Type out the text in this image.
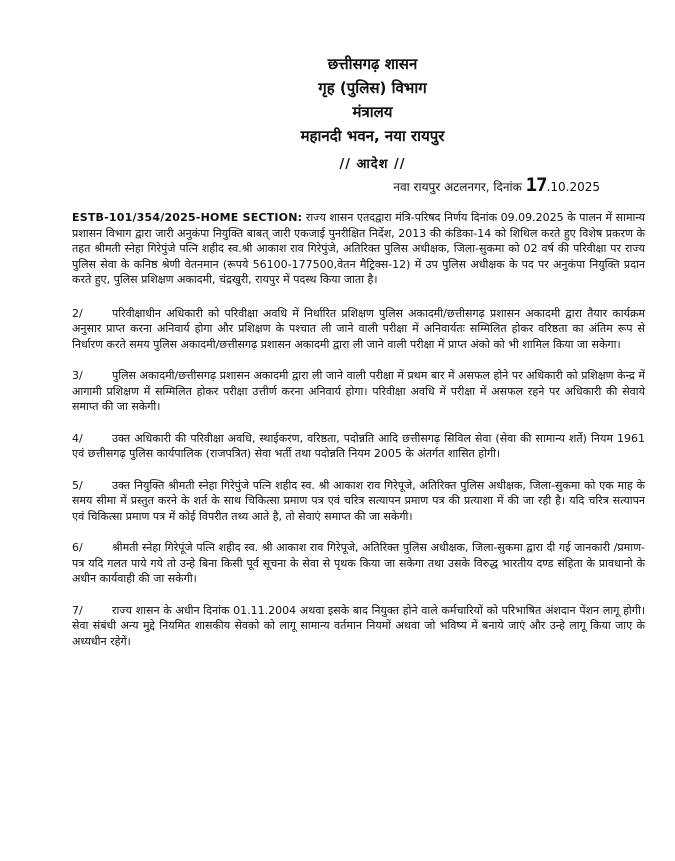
छत्तीसगढ़ शासन
गृह (पुलिस) विभाग
मंत्रालय
महानदी भवन, नया रायपुर
// आदेश //
नवा रायपुर अटलनगर, दिनांक 17.10.2025

ESTB-101/354/2025-HOME SECTION: राज्य शासन एतदद्वारा मंत्रि-परिषद निर्णय दिनांक 09.09.2025 के पालन में सामान्य प्रशासन विभाग द्वारा जारी अनुकंपा नियुक्ति बाबत् जारी एकजाई पुनरीक्षित निर्देश, 2013 की कंडिका-14 को शिथिल करते हुए विशेष प्रकरण के तहत श्रीमती स्नेहा गिरेपुंजे पत्नि शहीद स्व.श्री आकाश राव गिरेपुंजे, अतिरिक्त पुलिस अधीक्षक, जिला-सुकमा को 02 वर्ष की परिवीक्षा पर राज्य पुलिस सेवा के कनिष्ठ श्रेणी वेतनमान (रूपये 56100-177500,वेतन मैट्रिक्स-12) में उप पुलिस अधीक्षक के पद पर अनुकंपा नियुक्ति प्रदान करते हुए, पुलिस प्रशिक्षण अकादमी, चंद्रखुरी, रायपुर में पदस्थ किया जाता है।

2/	परिवीक्षाधीन अधिकारी को परिवीक्षा अवधि में निर्धारित प्रशिक्षण पुलिस अकादमी/छत्तीसगढ़ प्रशासन अकादमी द्वारा तैयार कार्यक्रम अनुसार प्राप्त करना अनिवार्य होगा और प्रशिक्षण के पश्चात ली जाने वाली परीक्षा में अनिवार्यतः सम्मिलित होकर वरिष्ठता का अंतिम रूप से निर्धारण करते समय पुलिस अकादमी/छत्तीसगढ़ प्रशासन अकादमी द्वारा ली जाने वाली परीक्षा में प्राप्त अंको को भी शामिल किया जा सकेगा।

3/	पुलिस अकादमी/छत्तीसगढ़ प्रशासन अकादमी द्वारा ली जाने वाली परीक्षा में प्रथम बार में असफल होने पर अधिकारी को प्रशिक्षण केन्द्र में आगामी प्रशिक्षण में सम्मिलित होकर परीक्षा उत्तीर्ण करना अनिवार्य होगा। परिवीक्षा अवधि में परीक्षा में असफल रहने पर अधिकारी की सेवाये समाप्त की जा सकेगी।

4/	उक्त अधिकारी की परिवीक्षा अवधि, स्थाईकरण, वरिष्ठता, पदोन्नति आदि छत्तीसगढ़ सिविल सेवा (सेवा की सामान्य शर्ते) नियम 1961 एवं छत्तीसगढ़ पुलिस कार्यपालिक (राजपत्रित) सेवा भर्ती तथा पदोन्नति नियम 2005 के अंतर्गत शासित होगी।

5/	उक्त नियुक्ति श्रीमती स्नेहा गिरेपुंजे पत्नि शहीद स्व. श्री आकाश राव गिरेपूजे, अतिरिक्त पुलिस अधीक्षक, जिला-सुकमा को एक माह के समय सीमा में प्रस्तुत करने के शर्त के साथ चिकित्सा प्रमाण पत्र एवं चरित्र सत्यापन प्रमाण पत्र की प्रत्याशा में की जा रही है। यदि चरित्र सत्यापन एवं चिकित्सा प्रमाण पत्र में कोई विपरीत तथ्य आते है, तो सेवाएं समाप्त की जा सकेगी।

6/	श्रीमती स्नेहा गिरेपूंजे पत्नि शहीद स्व. श्री आकाश राव गिरेपूजे, अतिरिक्त पुलिस अधीक्षक, जिला-सुकमा द्वारा दी गई जानकारी /प्रमाण-पत्र यदि गलत पाये गये तो उन्हे बिना किसी पूर्व सूचना के सेवा से पृथक किया जा सकेगा तथा उसके विरुद्ध भारतीय दण्ड संहिता के प्रावधानो के अधीन कार्यवाही की जा सकेगी।

7/	राज्य शासन के अधीन दिनांक 01.11.2004 अथवा इसके बाद नियुक्त होने वाले कर्मचारियों को परिभाषित अंशदान पेंशन लागू होगी। सेवा संबंधी अन्य मुद्दे नियमित शासकीय सेवको को लागू सामान्य वर्तमान नियमों अथवा जो भविष्य में बनाये जाएं और उन्हे लागू किया जाए के अध्यधीन रहेगें।
